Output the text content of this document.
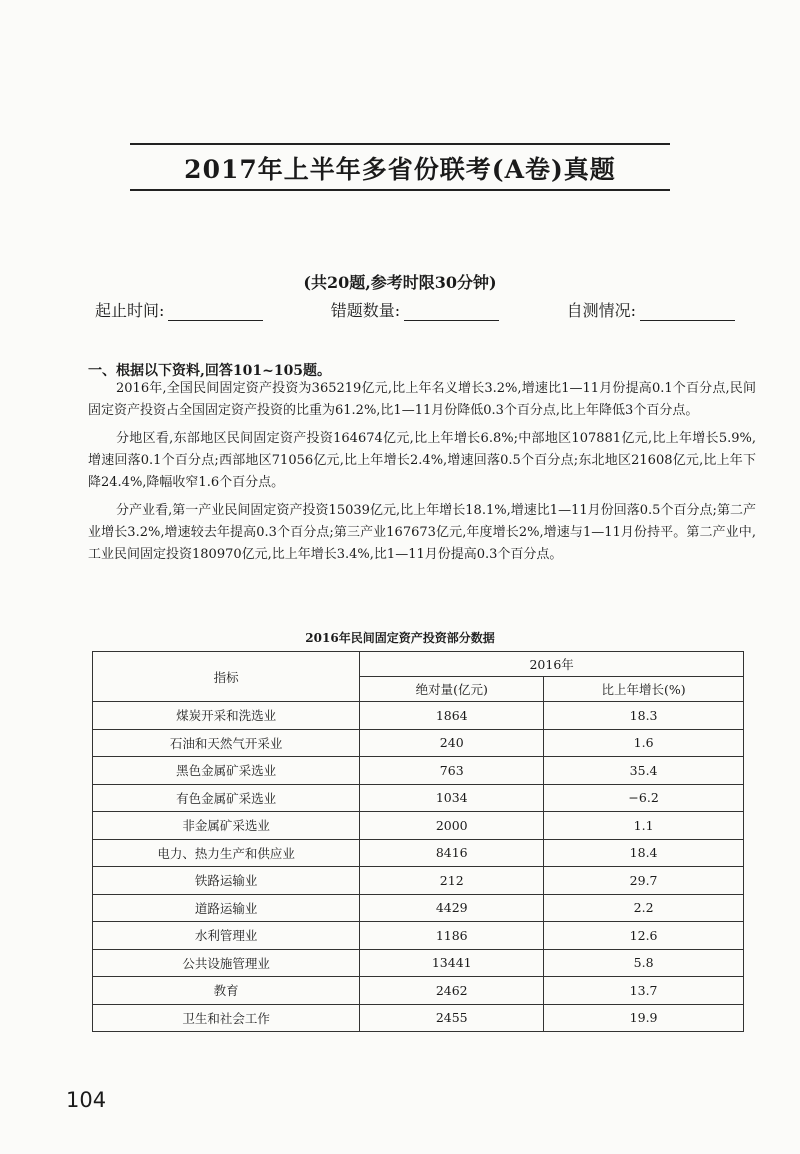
2017年上半年多省份联考(A卷)真题
(共20题,参考时限30分钟)
起止时间:	错题数量:	自测情况:
一、根据以下资料,回答101~105题。

2016年,全国民间固定资产投资为365219亿元,比上年名义增长3.2%,增速比1—11月份提高0.1个百分点,民间固定资产投资占全国固定资产投资的比重为61.2%,比1—11月份降低0.3个百分点,比上年降低3个百分点。

分地区看,东部地区民间固定资产投资164674亿元,比上年增长6.8%;中部地区107881亿元,比上年增长5.9%,增速回落0.1个百分点;西部地区71056亿元,比上年增长2.4%,增速回落0.5个百分点;东北地区21608亿元,比上年下降24.4%,降幅收窄1.6个百分点。

分产业看,第一产业民间固定资产投资15039亿元,比上年增长18.1%,增速比1—11月份回落0.5个百分点;第二产业增长3.2%,增速较去年提高0.3个百分点;第三产业167673亿元,年度增长2%,增速与1—11月份持平。第二产业中,工业民间固定投资180970亿元,比上年增长3.4%,比1—11月份提高0.3个百分点。

2016年民间固定资产投资部分数据
指标	2016年	
	绝对量(亿元)	比上年增长(%)
煤炭开采和洗选业	1864	18.3
石油和天然气开采业	240	1.6
黑色金属矿采选业	763	35.4
有色金属矿采选业	1034	−6.2
非金属矿采选业	2000	1.1
电力、热力生产和供应业	8416	18.4
铁路运输业	212	29.7
道路运输业	4429	2.2
水利管理业	1186	12.6
公共设施管理业	13441	5.8
教育	2462	13.7
卫生和社会工作	2455	19.9
104
